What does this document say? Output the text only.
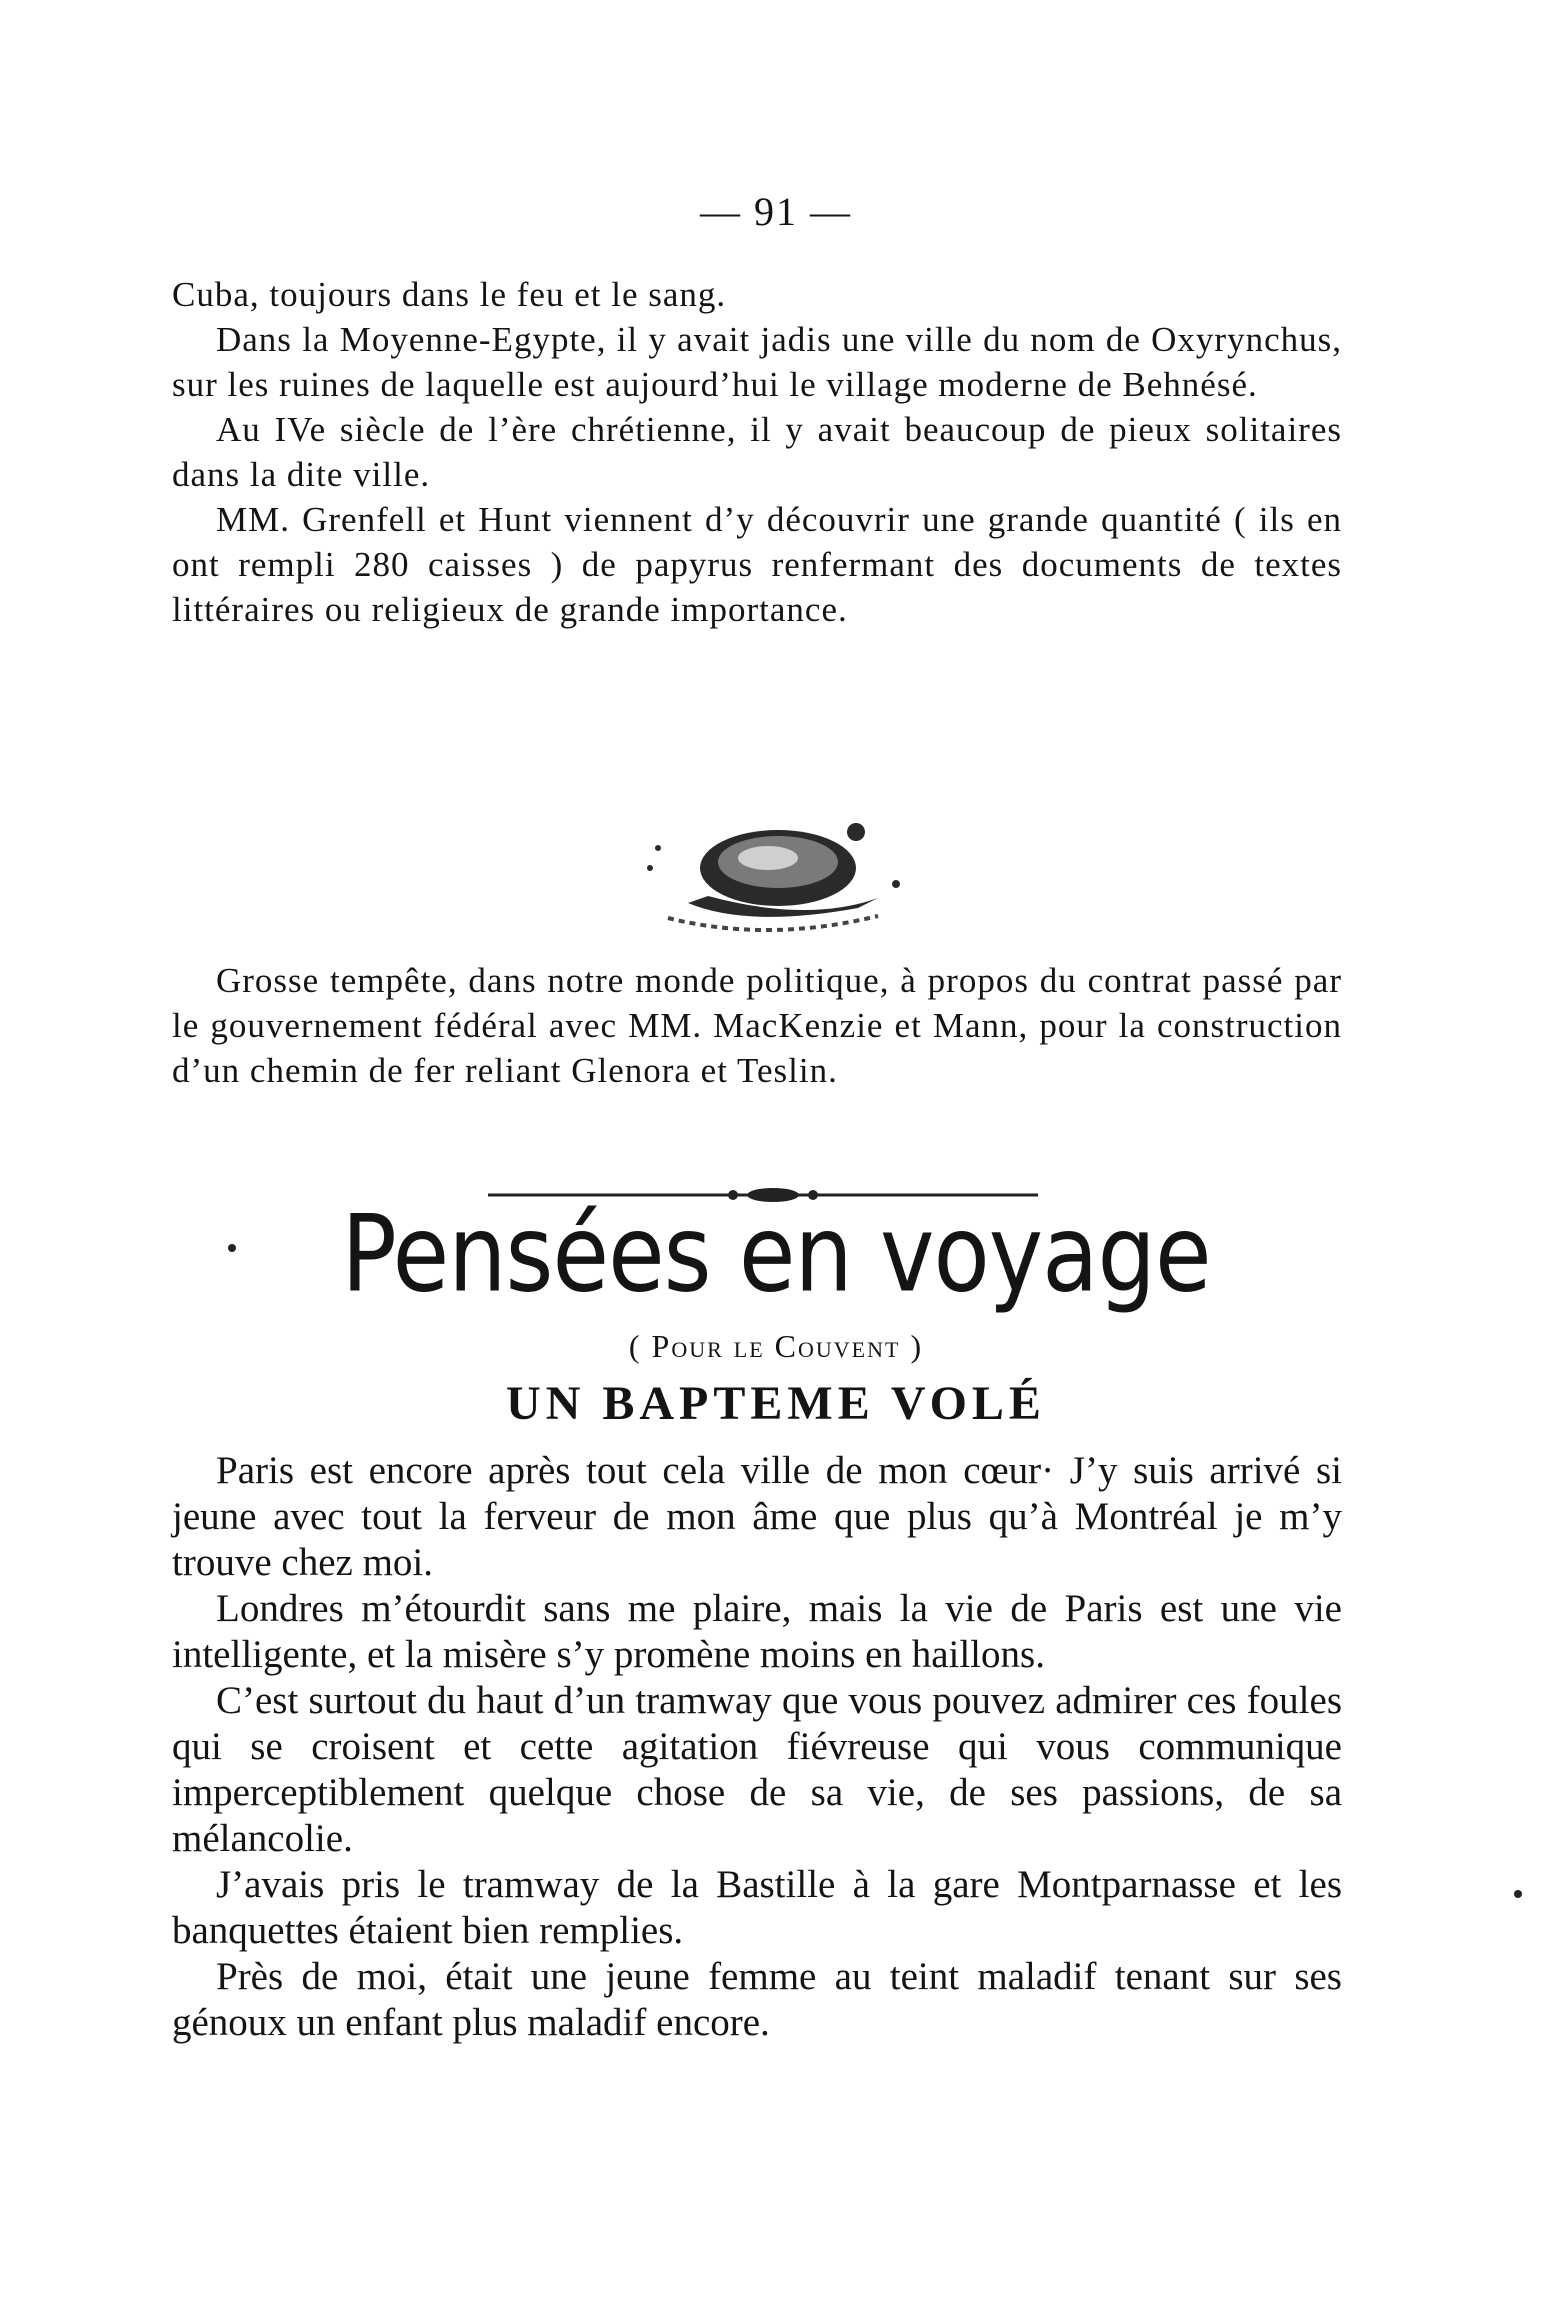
— 91 —

Cuba, toujours dans le feu et le sang.

Dans la Moyenne-Egypte, il y avait jadis une ville du nom de Oxyrynchus, sur les ruines de laquelle est aujourd’hui le village moderne de Behnésé.

Au IVe siècle de l’ère chrétienne, il y avait beaucoup de pieux solitaires dans la dite ville.

MM. Grenfell et Hunt viennent d’y découvrir une grande quantité ( ils en ont rempli 280 caisses ) de papyrus renfermant des documents de textes littéraires ou religieux de grande importance.

Grosse tempête, dans notre monde politique, à propos du contrat passé par le gouvernement fédéral avec MM. MacKenzie et Mann, pour la construction d’un chemin de fer reliant Glenora et Teslin.

Pensées en voyage
( Pour le Couvent )
UN BAPTEME VOLÉ

Paris est encore après tout cela ville de mon cœur· J’y suis arrivé si jeune avec tout la ferveur de mon âme que plus qu’à Montréal je m’y trouve chez moi.

Londres m’étourdit sans me plaire, mais la vie de Paris est une vie intelligente, et la misère s’y promène moins en haillons.

C’est surtout du haut d’un tramway que vous pouvez admirer ces foules qui se croisent et cette agitation fiévreuse qui vous communique imperceptiblement quelque chose de sa vie, de ses passions, de sa mélancolie.

J’avais pris le tramway de la Bastille à la gare Montparnasse et les banquettes étaient bien remplies.

Près de moi, était une jeune femme au teint maladif tenant sur ses génoux un enfant plus maladif encore.
